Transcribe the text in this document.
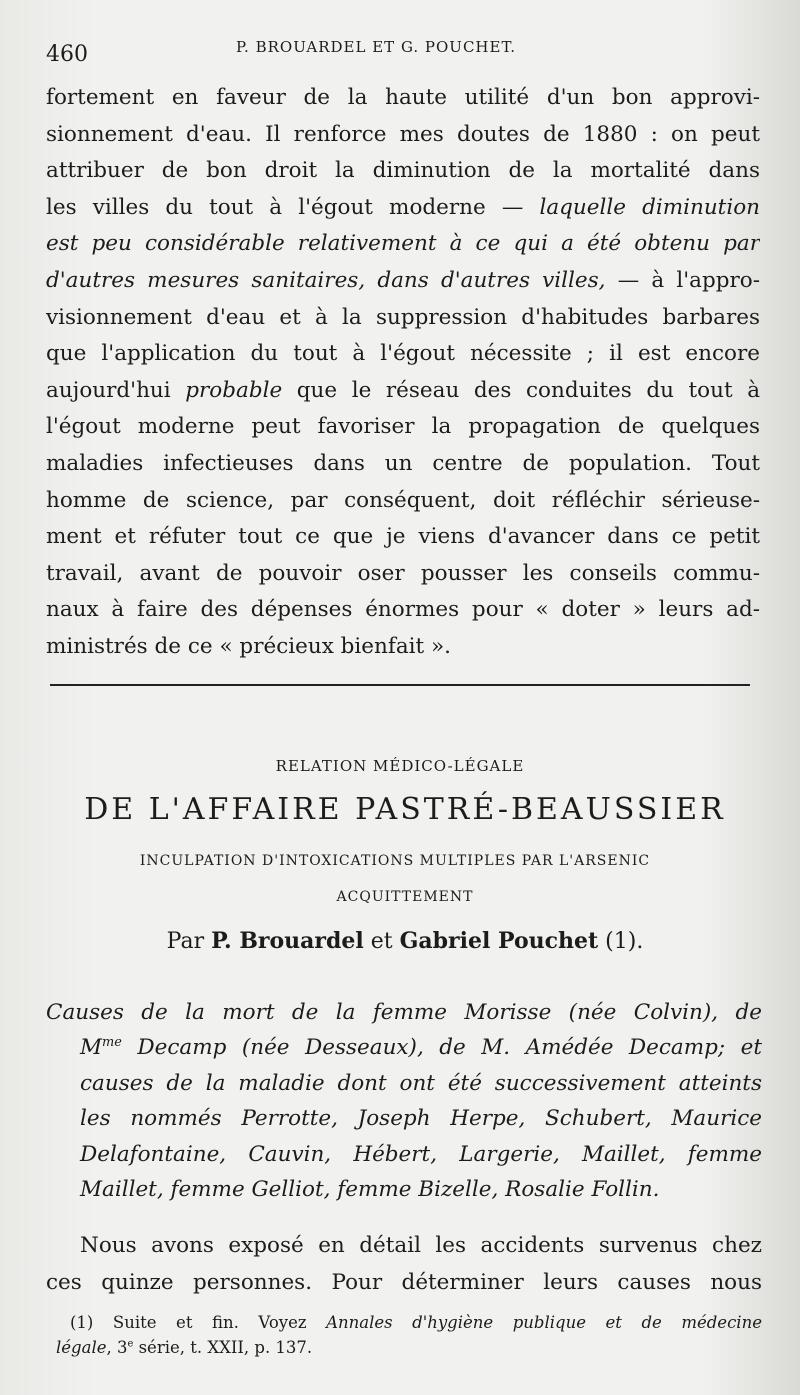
460	P. BROUARDEL ET G. POUCHET.
fortement en faveur de la haute utilité d'un bon approvi-
sionnement d'eau. Il renforce mes doutes de 1880 : on peut
attribuer de bon droit la diminution de la mortalité dans
les villes du tout à l'égout moderne — laquelle diminution
est peu considérable relativement à ce qui a été obtenu par
d'autres mesures sanitaires, dans d'autres villes, — à l'appro-
visionnement d'eau et à la suppression d'habitudes barbares
que l'application du tout à l'égout nécessite ; il est encore
aujourd'hui probable que le réseau des conduites du tout à
l'égout moderne peut favoriser la propagation de quelques
maladies infectieuses dans un centre de population. Tout
homme de science, par conséquent, doit réfléchir sérieuse-
ment et réfuter tout ce que je viens d'avancer dans ce petit
travail, avant de pouvoir oser pousser les conseils commu-
naux à faire des dépenses énormes pour « doter » leurs ad-
ministrés de ce « précieux bienfait ».
RELATION MÉDICO-LÉGALE
DE L'AFFAIRE PASTRÉ-BEAUSSIER
INCULPATION D'INTOXICATIONS MULTIPLES PAR L'ARSENIC
ACQUITTEMENT
Par P. Brouardel et Gabriel Pouchet (1).
Causes de la mort de la femme Morisse (née Colvin), de
$M^{me}$ Decamp (née Desseaux), de M. Amédée Decamp; et
causes de la maladie dont ont été successivement atteints
les nommés Perrotte, Joseph Herpe, Schubert, Maurice
Delafontaine, Cauvin, Hébert, Largerie, Maillet, femme
Maillet, femme Gelliot, femme Bizelle, Rosalie Follin.
Nous avons exposé en détail les accidents survenus chez
ces quinze personnes. Pour déterminer leurs causes nous
(1) Suite et fin. Voyez Annales d'hygiène publique et de médecine
légale, 3e série, t. XXII, p. 137.
